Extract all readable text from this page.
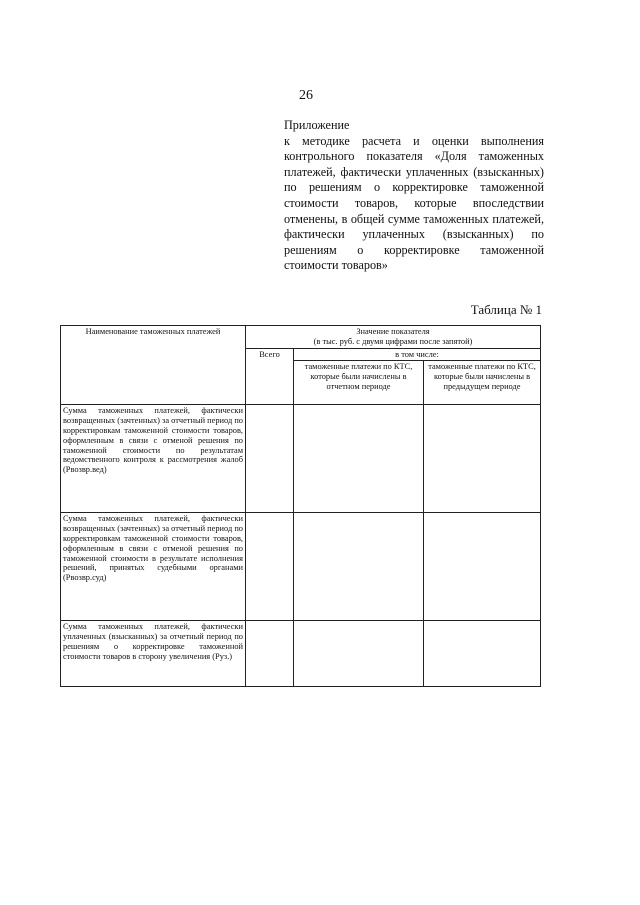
26
Приложение
к методике расчета и оценки выполнения контрольного показателя «Доля таможенных платежей, фактически уплаченных (взысканных) по решениям о корректировке таможенной стоимости товаров, которые впоследствии отменены, в общей сумме таможенных платежей, фактически уплаченных (взысканных) по решениям о корректировке таможенной стоимости товаров»
Таблица № 1
Наименование таможенных платежей	Значение показателя
(в тыс. руб. с двумя цифрами после запятой)		
	Всего	в том числе:	
		таможенные платежи по КТС, которые были начислены в отчетном периоде	таможенные платежи по КТС, которые были начислены в предыдущем периоде
Сумма таможенных платежей, фактически возвращенных (зачтенных) за отчетный период по корректировкам таможенной стоимости товаров, оформленным в связи с отменой решения по таможенной стоимости по результатам ведомственного контроля к рассмотрения жалоб (Рвозвр.вед)			
Сумма таможенных платежей, фактически возвращенных (зачтенных) за отчетный период по корректировкам таможенной стоимости товаров, оформленным в связи с отменой решения по таможенной стоимости в результате исполнения решений, принятых судебными органами (Рвозвр.суд)			
Сумма таможенных платежей, фактически уплаченных (взысканных) за отчетный период по решениям о корректировке таможенной стоимости товаров в сторону увеличения (Руз.)			
